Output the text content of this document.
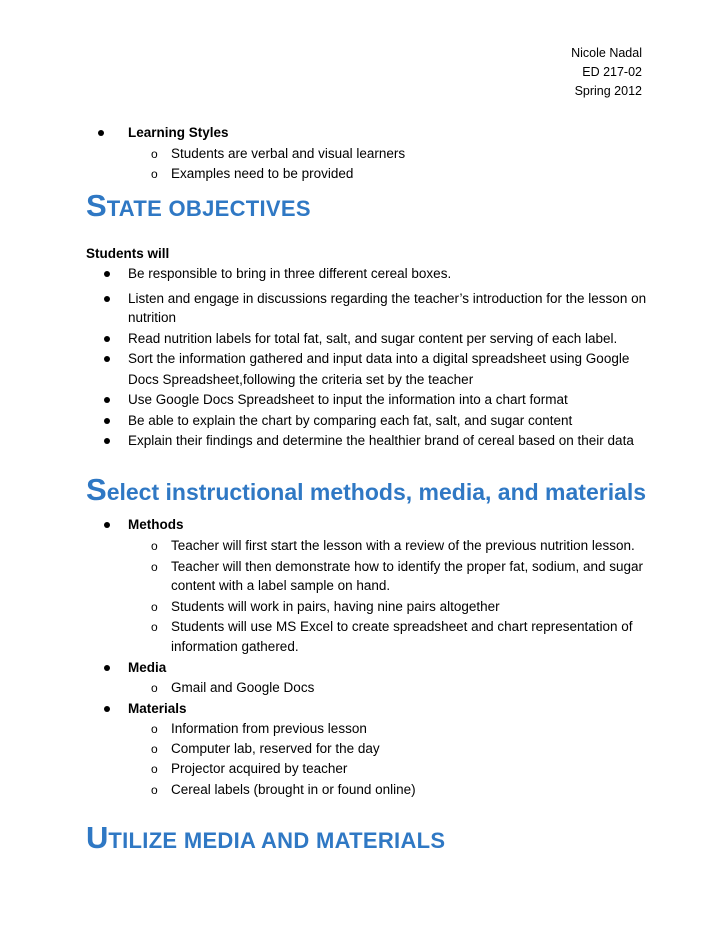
Nicole Nadal
ED 217-02
Spring 2012
Learning Styles
o Students are verbal and visual learners
o Examples need to be provided
STATE OBJECTIVES
Students will
Be responsible to bring in three different cereal boxes.
Listen and engage in discussions regarding the teacher’s introduction for the lesson on
nutrition
Read nutrition labels for total fat, salt, and sugar content per serving of each label.
Sort the information gathered and input data into a digital spreadsheet using Google
Docs Spreadsheet,following the criteria set by the teacher
Use Google Docs Spreadsheet to input the information into a chart format
Be able to explain the chart by comparing each fat, salt, and sugar content
Explain their findings and determine the healthier brand of cereal based on their data
Select instructional methods, media, and materials
Methods
o Teacher will first start the lesson with a review of the previous nutrition lesson.
o Teacher will then demonstrate how to identify the proper fat, sodium, and sugar
content with a label sample on hand.
o Students will work in pairs, having nine pairs altogether
o Students will use MS Excel to create spreadsheet and chart representation of
information gathered.
Media
o Gmail and Google Docs
Materials
o Information from previous lesson
o Computer lab, reserved for the day
o Projector acquired by teacher
o Cereal labels (brought in or found online)
UTILIZE MEDIA AND MATERIALS
